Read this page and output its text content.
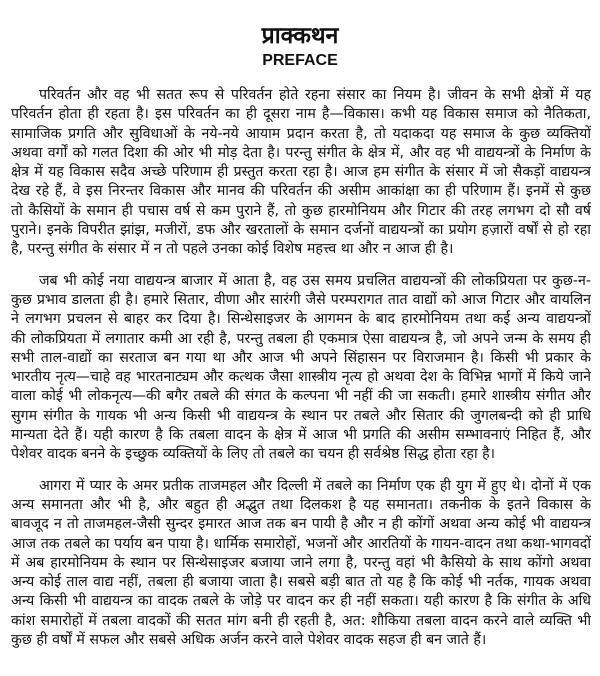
प्राक्कथन
PREFACE
परिवर्तन और वह भी सतत रूप से परिवर्तन होते रहना संसार का नियम है। जीवन के सभी क्षेत्रों में यह
परिवर्तन होता ही रहता है। इस परिवर्तन का ही दूसरा नाम है—विकास। कभी यह विकास समाज को नैतिकता,
सामाजिक प्रगति और सुविधाओं के नये-नये आयाम प्रदान करता है, तो यदाकदा यह समाज के कुछ व्यक्तियों
अथवा वर्गों को गलत दिशा की ओर भी मोड़ देता है। परन्तु संगीत के क्षेत्र में, और वह भी वाद्ययन्त्रों के निर्माण के
क्षेत्र में यह विकास सदैव अच्छे परिणाम ही प्रस्तुत करता रहा है। आज हम संगीत के संसार में जो सैकड़ों वाद्ययन्त्र
देख रहे हैं, वे इस निरन्तर विकास और मानव की परिवर्तन की असीम आकांक्षा का ही परिणाम हैं। इनमें से कुछ
तो कैसियों के समान ही पचास वर्ष से कम पुराने हैं, तो कुछ हारमोनियम और गिटार की तरह लगभग दो सौ वर्ष
पुराने। इनके विपरीत झांझ, मजीरों, डफ और खरतालों के समान दर्जनों वाद्ययन्त्रों का प्रयोग हज़ारों वर्षों से हो रहा
है, परन्तु संगीत के संसार में न तो पहले उनका कोई विशेष महत्त्व था और न आज ही है।
जब भी कोई नया वाद्ययन्त्र बाजार में आता है, वह उस समय प्रचलित वाद्ययन्त्रों की लोकप्रियता पर कुछ-न-
कुछ प्रभाव डालता ही है। हमारे सितार, वीणा और सारंगी जैसे परम्परागत तात वाद्यों को आज गिटार और वायलिन
ने लगभग प्रचलन से बाहर कर दिया है। सिन्थेसाइजर के आगमन के बाद हारमोनियम तथा कई अन्य वाद्ययन्त्रों
की लोकप्रियता में लगातार कमी आ रही है, परन्तु तबला ही एकमात्र ऐसा वाद्ययन्त्र है, जो अपने जन्म के समय ही
सभी ताल-वाद्यों का सरताज बन गया था और आज भी अपने सिंहासन पर विराजमान है। किसी भी प्रकार के
भारतीय नृत्य—चाहे वह भारतनाट्यम और कत्थक जैसा शास्त्रीय नृत्य हो अथवा देश के विभिन्न भागों में किये जाने
वाला कोई भी लोकनृत्य—की बगैर तबले की संगत के कल्पना भी नहीं की जा सकती। हमारे शास्त्रीय संगीत और
सुगम संगीत के गायक भी अन्य किसी भी वाद्ययन्त्र के स्थान पर तबले और सितार की जुगलबन्दी को ही प्राधि
मान्यता देते हैं। यही कारण है कि तबला वादन के क्षेत्र में आज भी प्रगति की असीम सम्भावनाएं निहित हैं, और
पेशेवर वादक बनने के इच्छुक व्यक्तियों के लिए तो तबले का चयन ही सर्वश्रेष्ठ सिद्ध होता रहा है।
आगरा में प्यार के अमर प्रतीक ताजमहल और दिल्ली में तबले का निर्माण एक ही युग में हुए थे। दोनों में एक
अन्य समानता और भी है, और बहुत ही अद्भुत तथा दिलकश है यह समानता। तकनीक के इतने विकास के
बावजूद न तो ताजमहल-जैसी सुन्दर इमारत आज तक बन पायी है और न ही कोंगों अथवा अन्य कोई भी वाद्ययन्त्र
आज तक तबले का पर्याय बन पाया है। धार्मिक समारोहों, भजनों और आरतियों के गायन-वादन तथा कथा-भागवदों
में अब हारमोनियम के स्थान पर सिन्थेसाइजर बजाया जाने लगा है, परन्तु वहां भी कैसियो के साथ कोंगो अथवा
अन्य कोई ताल वाद्य नहीं, तबला ही बजाया जाता है। सबसे बड़ी बात तो यह है कि कोई भी नर्तक, गायक अथवा
अन्य किसी भी वाद्ययन्त्र का वादक तबले के जोड़े पर वादन कर ही नहीं सकता। यही कारण है कि संगीत के अधि
कांश समारोहों में तबला वादकों की सतत मांग बनी ही रहती है, अत: शौकिया तबला वादन करने वाले व्यक्ति भी
कुछ ही वर्षों में सफल और सबसे अधिक अर्जन करने वाले पेशेवर वादक सहज ही बन जाते हैं।
